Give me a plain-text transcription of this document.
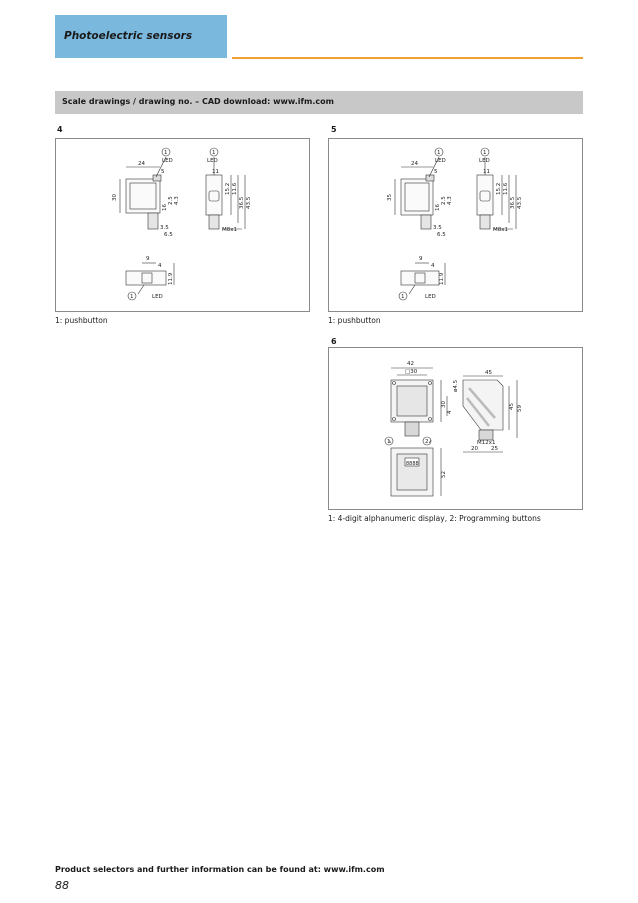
Photoelectric sensors
Scale drawings / drawing no. – CAD download: www.ifm.com
4
1	1
1
LED	LED
LED
24
5	11
30
16
2.5 4.3
15.2 11.6
36.5 43.5
3.5
6.5
M8x1
9
4
11.9
1: pushbutton
5
1	1
1
LED	LED
LED
24
5	11
35
16
2.5 4.3
15.2 11.6
36.5 43.5
3.5
6.5
M8x1
9
4
11.9
1: pushbutton
6
1	2
42
□30
30
4
ø4.5
45
45 59
M12x1
20 25
52
8888
1: 4-digit alphanumeric display, 2: Programming buttons
Product selectors and further information can be found at: www.ifm.com
88
